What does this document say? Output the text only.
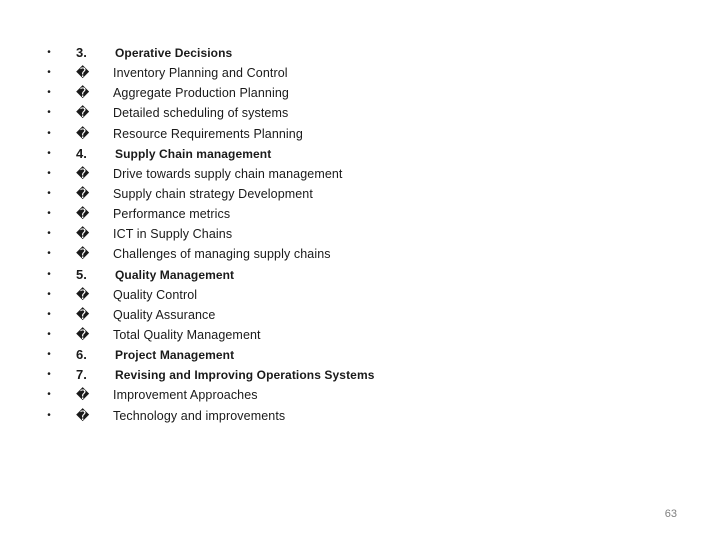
• 3.	Operative Decisions
• �	Inventory Planning and Control
• �	Aggregate Production Planning
• �	Detailed scheduling of systems
• �	Resource Requirements Planning
• 4.	Supply Chain management
• �	Drive towards supply chain management
• �	Supply chain strategy Development
• �	Performance metrics
• �	ICT in Supply Chains
• �	Challenges of managing supply chains
• 5.	Quality Management
• �	Quality Control
• �	Quality Assurance
• �	Total Quality Management
• 6.	Project Management
• 7.	Revising and Improving Operations Systems
• �	Improvement Approaches
• �	Technology and improvements
63
